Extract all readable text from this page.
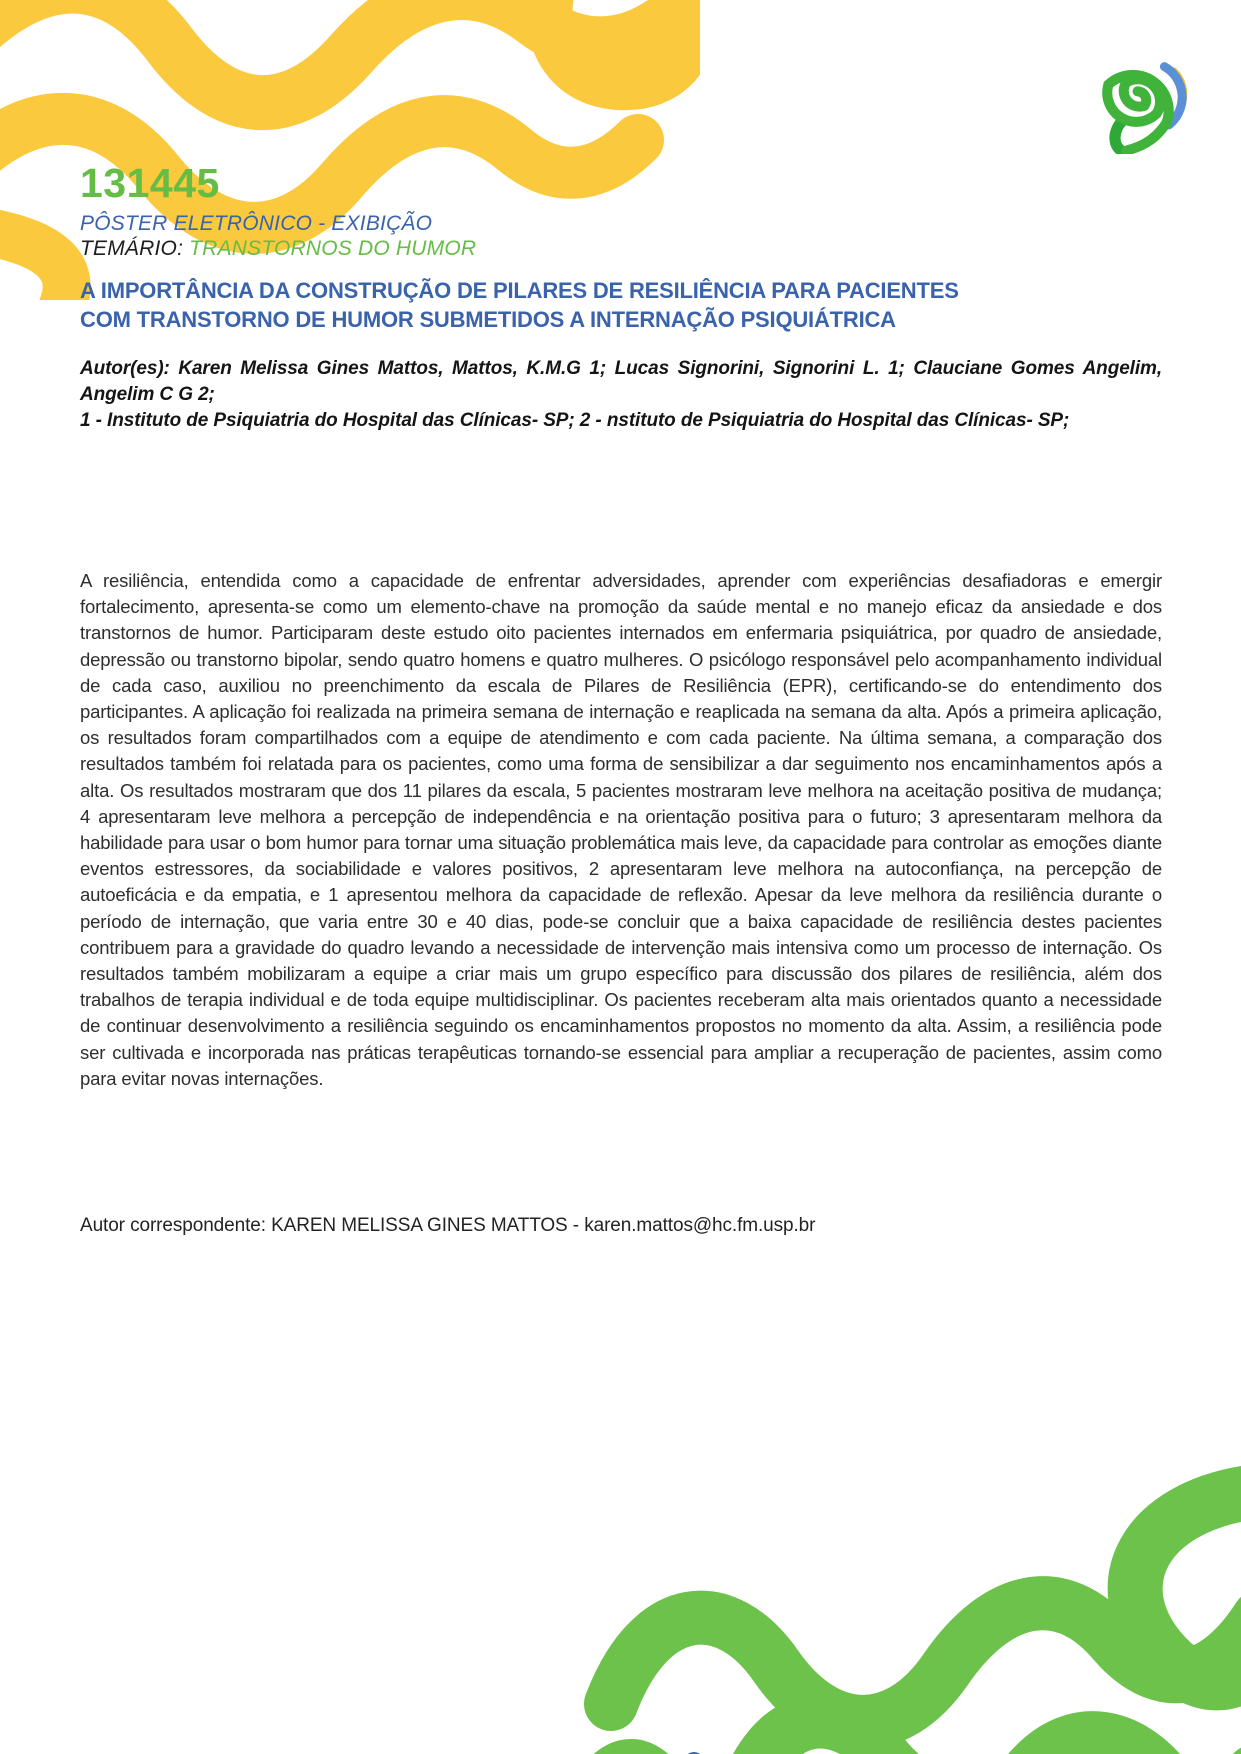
131445
PÔSTER ELETRÔNICO - EXIBIÇÃO
TEMÁRIO: TRANSTORNOS DO HUMOR
A IMPORTÂNCIA DA CONSTRUÇÃO DE PILARES DE RESILIÊNCIA PARA PACIENTES COM TRANSTORNO DE HUMOR SUBMETIDOS A INTERNAÇÃO PSIQUIÁTRICA

Autor(es): Karen Melissa Gines Mattos, Mattos, K.M.G 1; Lucas Signorini, Signorini L. 1; Clauciane Gomes Angelim, Angelim C G 2;

1 - Instituto de Psiquiatria do Hospital das Clínicas- SP; 2 - nstituto de Psiquiatria do Hospital das Clínicas- SP;

A resiliência, entendida como a capacidade de enfrentar adversidades, aprender com experiências desafiadoras e emergir fortalecimento, apresenta-se como um elemento-chave na promoção da saúde mental e no manejo eficaz da ansiedade e dos transtornos de humor. Participaram deste estudo oito pacientes internados em enfermaria psiquiátrica, por quadro de ansiedade, depressão ou transtorno bipolar, sendo quatro homens e quatro mulheres. O psicólogo responsável pelo acompanhamento individual de cada caso, auxiliou no preenchimento da escala de Pilares de Resiliência (EPR), certificando-se do entendimento dos participantes. A aplicação foi realizada na primeira semana de internação e reaplicada na semana da alta. Após a primeira aplicação, os resultados foram compartilhados com a equipe de atendimento e com cada paciente. Na última semana, a comparação dos resultados também foi relatada para os pacientes, como uma forma de sensibilizar a dar seguimento nos encaminhamentos após a alta. Os resultados mostraram que dos 11 pilares da escala, 5 pacientes mostraram leve melhora na aceitação positiva de mudança; 4 apresentaram leve melhora a percepção de independência e na orientação positiva para o futuro; 3 apresentaram melhora da habilidade para usar o bom humor para tornar uma situação problemática mais leve, da capacidade para controlar as emoções diante eventos estressores, da sociabilidade e valores positivos, 2 apresentaram leve melhora na autoconfiança, na percepção de autoeficácia e da empatia, e 1 apresentou melhora da capacidade de reflexão. Apesar da leve melhora da resiliência durante o período de internação, que varia entre 30 e 40 dias, pode-se concluir que a baixa capacidade de resiliência destes pacientes contribuem para a gravidade do quadro levando a necessidade de intervenção mais intensiva como um processo de internação. Os resultados também mobilizaram a equipe a criar mais um grupo específico para discussão dos pilares de resiliência, além dos trabalhos de terapia individual e de toda equipe multidisciplinar. Os pacientes receberam alta mais orientados quanto a necessidade de continuar desenvolvimento a resiliência seguindo os encaminhamentos propostos no momento da alta. Assim, a resiliência pode ser cultivada e incorporada nas práticas terapêuticas tornando-se essencial para ampliar a recuperação de pacientes, assim como para evitar novas internações.
Autor correspondente: KAREN MELISSA GINES MATTOS - karen.mattos@hc.fm.usp.br
